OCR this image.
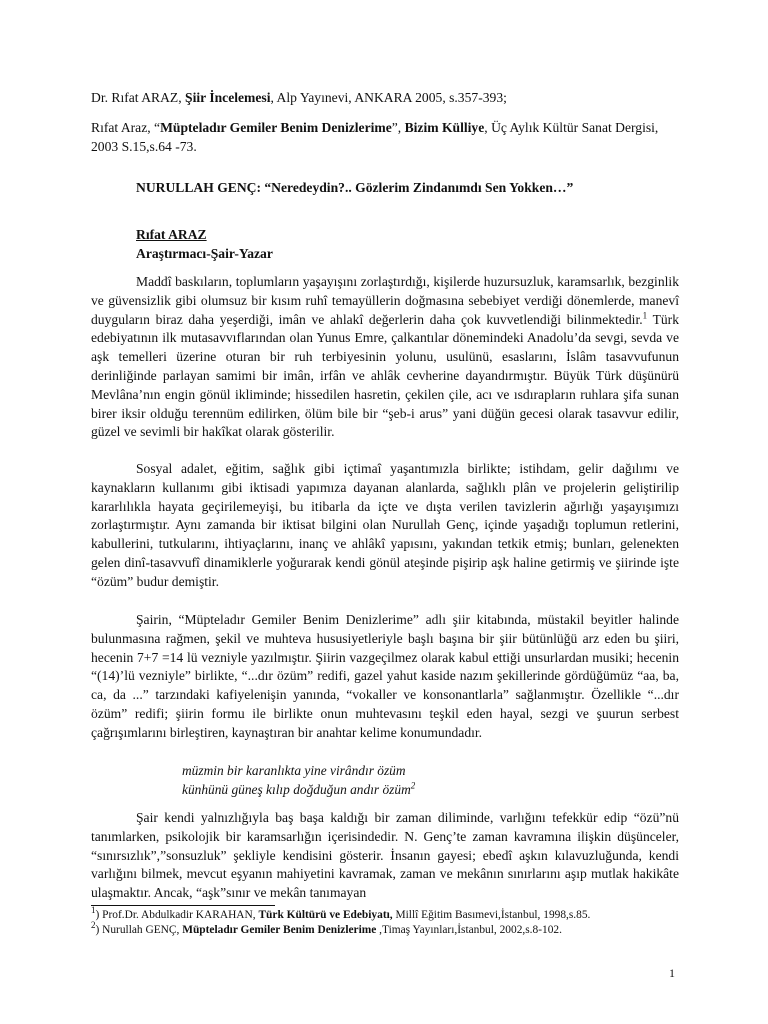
Dr. Rıfat ARAZ, Şiir İncelemesi, Alp Yayınevi, ANKARA 2005, s.357-393;
Rıfat Araz, “Müpteladır Gemiler Benim Denizlerime”, Bizim Külliye, Üç Aylık Kültür Sanat Dergisi, 2003 S.15,s.64 -73.
NURULLAH GENÇ: “Neredeydin?.. Gözlerim Zindanımdı Sen Yokken…”
Rıfat ARAZ
Araştırmacı-Şair-Yazar
Maddî baskıların, toplumların yaşayışını zorlaştırdığı, kişilerde huzursuzluk, karamsarlık, bezginlik ve güvensizlik gibi olumsuz bir kısım ruhî temayüllerin doğmasına sebebiyet verdiği dönemlerde, manevî duyguların biraz daha yeşerdiği, imân ve ahlakî değerlerin daha çok kuvvetlendiği bilinmektedir.$^1$ Türk edebiyatının ilk mutasavvıflarından olan Yunus Emre, çalkantılar dönemindeki Anadolu’da sevgi, sevda ve aşk temelleri üzerine oturan bir ruh terbiyesinin yolunu, usulünü, esaslarını, İslâm tasavvufunun derinliğinde parlayan samimi bir imân, irfân ve ahlâk cevherine dayandırmıştır. Büyük Türk düşünürü Mevlâna’nın engin gönül ikliminde; hissedilen hasretin, çekilen çile, acı ve ısdırapların ruhlara şifa sunan birer iksir olduğu terennüm edilirken, ölüm bile bir “şeb-i arus” yani düğün gecesi olarak tasavvur edilir, güzel ve sevimli bir hakîkat olarak gösterilir.
Sosyal adalet, eğitim, sağlık gibi içtimaî yaşantımızla birlikte; istihdam, gelir dağılımı ve kaynakların kullanımı gibi iktisadi yapımıza dayanan alanlarda, sağlıklı plân ve projelerin geliştirilip kararlılıkla hayata geçirilemeyişi, bu itibarla da içte ve dışta verilen tavizlerin ağırlığı yaşayışımızı zorlaştırmıştır. Aynı zamanda bir iktisat bilgini olan Nurullah Genç, içinde yaşadığı toplumun retlerini, kabullerini, tutkularını, ihtiyaçlarını, inanç ve ahlâkî yapısını, yakından tetkik etmiş; bunları, gelenekten gelen dinî-tasavvufî dinamiklerle yoğurarak kendi gönül ateşinde pişirip aşk haline getirmiş ve şiirinde işte “özüm” budur demiştir.
Şairin, “Müpteladır Gemiler Benim Denizlerime” adlı şiir kitabında, müstakil beyitler halinde bulunmasına rağmen, şekil ve muhteva hususiyetleriyle başlı başına bir şiir bütünlüğü arz eden bu şiiri, hecenin 7+7 =14 lü vezniyle yazılmıştır. Şiirin vazgeçilmez olarak kabul ettiği unsurlardan musiki; hecenin “(14)’lü vezniyle” birlikte, “...dır özüm” redifi, gazel yahut kaside nazım şekillerinde gördüğümüz “aa, ba, ca, da ...” tarzındaki kafiyelenişin yanında, “vokaller ve konsonantlarla” sağlanmıştır. Özellikle “...dır özüm” redifi; şiirin formu ile birlikte onun muhtevasını teşkil eden hayal, sezgi ve şuurun serbest çağrışımlarını birleştiren, kaynaştıran bir anahtar kelime konumundadır.
müzmin bir karanlıkta yine virândır özüm
künhünü güneş kılıp doğduğun andır özüm$^2$
Şair kendi yalnızlığıyla baş başa kaldığı bir zaman diliminde, varlığını tefekkür edip “özü”nü tanımlarken, psikolojik bir karamsarlığın içerisindedir. N. Genç’te zaman kavramına ilişkin düşünceler, “sınırsızlık”,”sonsuzluk” şekliyle kendisini gösterir. İnsanın gayesi; ebedî aşkın kılavuzluğunda, kendi varlığını bilmek, mevcut eşyanın mahiyetini kavramak, zaman ve mekânın sınırlarını aşıp mutlak hakikâte ulaşmaktır. Ancak, “aşk”sınır ve mekân tanımayan
$^1$) Prof.Dr. Abdulkadir KARAHAN, Türk Kültürü ve Edebiyatı, Millî Eğitim Basımevi,İstanbul, 1998,s.85.
$^2$) Nurullah GENÇ, Müpteladır Gemiler Benim Denizlerime ,Timaş Yayınları,İstanbul, 2002,s.8-102.
1
